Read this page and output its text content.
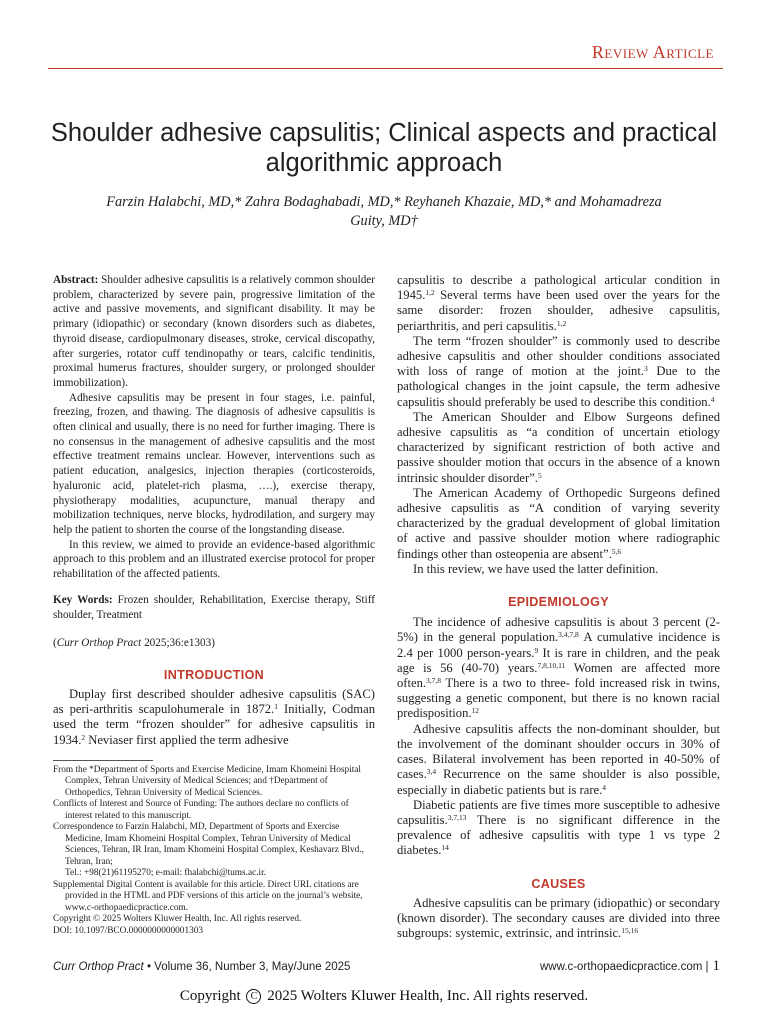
Review Article
Shoulder adhesive capsulitis; Clinical aspects and practical algorithmic approach
Farzin Halabchi, MD,* Zahra Bodaghabadi, MD,* Reyhaneh Khazaie, MD,* and Mohamadreza Guity, MD†

Abstract: Shoulder adhesive capsulitis is a relatively common shoulder problem, characterized by severe pain, progressive limitation of the active and passive movements, and significant disability. It may be primary (idiopathic) or secondary (known disorders such as diabetes, thyroid disease, cardiopulmonary diseases, stroke, cervical discopathy, after surgeries, rotator cuff tendinopathy or tears, calcific tendinitis, proximal humerus fractures, shoulder surgery, or prolonged shoulder immobilization).

Adhesive capsulitis may be present in four stages, i.e. painful, freezing, frozen, and thawing. The diagnosis of adhesive capsulitis is often clinical and usually, there is no need for further imaging. There is no consensus in the management of adhesive capsulitis and the most effective treatment remains unclear. However, interventions such as patient education, analgesics, injection therapies (corticosteroids, hyaluronic acid, platelet-rich plasma, ….), exercise therapy, physiotherapy modalities, acupuncture, manual therapy and mobilization techniques, nerve blocks, hydrodilation, and surgery may help the patient to shorten the course of the longstanding disease.

In this review, we aimed to provide an evidence-based algorithmic approach to this problem and an illustrated exercise protocol for proper rehabilitation of the affected patients.

Key Words: Frozen shoulder, Rehabilitation, Exercise therapy, Stiff shoulder, Treatment

(Curr Orthop Pract 2025;36:e1303)

INTRODUCTION

Duplay first described shoulder adhesive capsulitis (SAC) as peri-arthritis scapulohumerale in 1872.$^1$ Initially, Codman used the term “frozen shoulder” for adhesive capsulitis in 1934.$^2$ Neviaser first applied the term adhesive

From the *Department of Sports and Exercise Medicine, Imam Khomeini Hospital Complex, Tehran University of Medical Sciences; and †Department of Orthopedics, Tehran University of Medical Sciences.

Conflicts of Interest and Source of Funding: The authors declare no conflicts of interest related to this manuscript.

Correspondence to Farzin Halabchi, MD, Department of Sports and Exercise Medicine, Imam Khomeini Hospital Complex, Tehran University of Medical Sciences, Tehran, IR Iran, Imam Khomeini Hospital Complex, Keshavarz Blvd., Tehran, Iran;

Tel.: +98(21)61195270; e-mail: fhalabchi@tums.ac.ir.

Supplemental Digital Content is available for this article. Direct URL citations are provided in the HTML and PDF versions of this article on the journal’s website, www.c-orthopaedicpractice.com.

Copyright © 2025 Wolters Kluwer Health, Inc. All rights reserved.

DOI: 10.1097/BCO.0000000000001303

capsulitis to describe a pathological articular condition in 1945.$^{1,2}$ Several terms have been used over the years for the same disorder: frozen shoulder, adhesive capsulitis, periarthritis, and peri capsulitis.$^{1,2}$

The term “frozen shoulder” is commonly used to describe adhesive capsulitis and other shoulder conditions associated with loss of range of motion at the joint.$^3$ Due to the pathological changes in the joint capsule, the term adhesive capsulitis should preferably be used to describe this condition.$^4$

The American Shoulder and Elbow Surgeons defined adhesive capsulitis as “a condition of uncertain etiology characterized by significant restriction of both active and passive shoulder motion that occurs in the absence of a known intrinsic shoulder disorder”.$^5$

The American Academy of Orthopedic Surgeons defined adhesive capsulitis as “A condition of varying severity characterized by the gradual development of global limitation of active and passive shoulder motion where radiographic findings other than osteopenia are absent”.$^{5,6}$

In this review, we have used the latter definition.

EPIDEMIOLOGY

The incidence of adhesive capsulitis is about 3 percent (2-5%) in the general population.$^{3,4,7,8}$ A cumulative incidence is 2.4 per 1000 person-years.$^9$ It is rare in children, and the peak age is 56 (40-70) years.$^{7,8,10,11}$ Women are affected more often.$^{3,7,8}$ There is a two to three- fold increased risk in twins, suggesting a genetic component, but there is no known racial predisposition.$^{12}$

Adhesive capsulitis affects the non-dominant shoulder, but the involvement of the dominant shoulder occurs in 30% of cases. Bilateral involvement has been reported in 40-50% of cases.$^{3,4}$ Recurrence on the same shoulder is also possible, especially in diabetic patients but is rare.$^4$

Diabetic patients are five times more susceptible to adhesive capsulitis.$^{3,7,13}$ There is no significant difference in the prevalence of adhesive capsulitis with type 1 vs type 2 diabetes.$^{14}$

CAUSES

Adhesive capsulitis can be primary (idiopathic) or secondary (known disorder). The secondary causes are divided into three subgroups: systemic, extrinsic, and intrinsic.$^{15,16}$

Curr Orthop Pract • Volume 36, Number 3, May/June 2025	www.c-orthopaedicpractice.com | 1
Copyright C 2025 Wolters Kluwer Health, Inc. All rights reserved.
